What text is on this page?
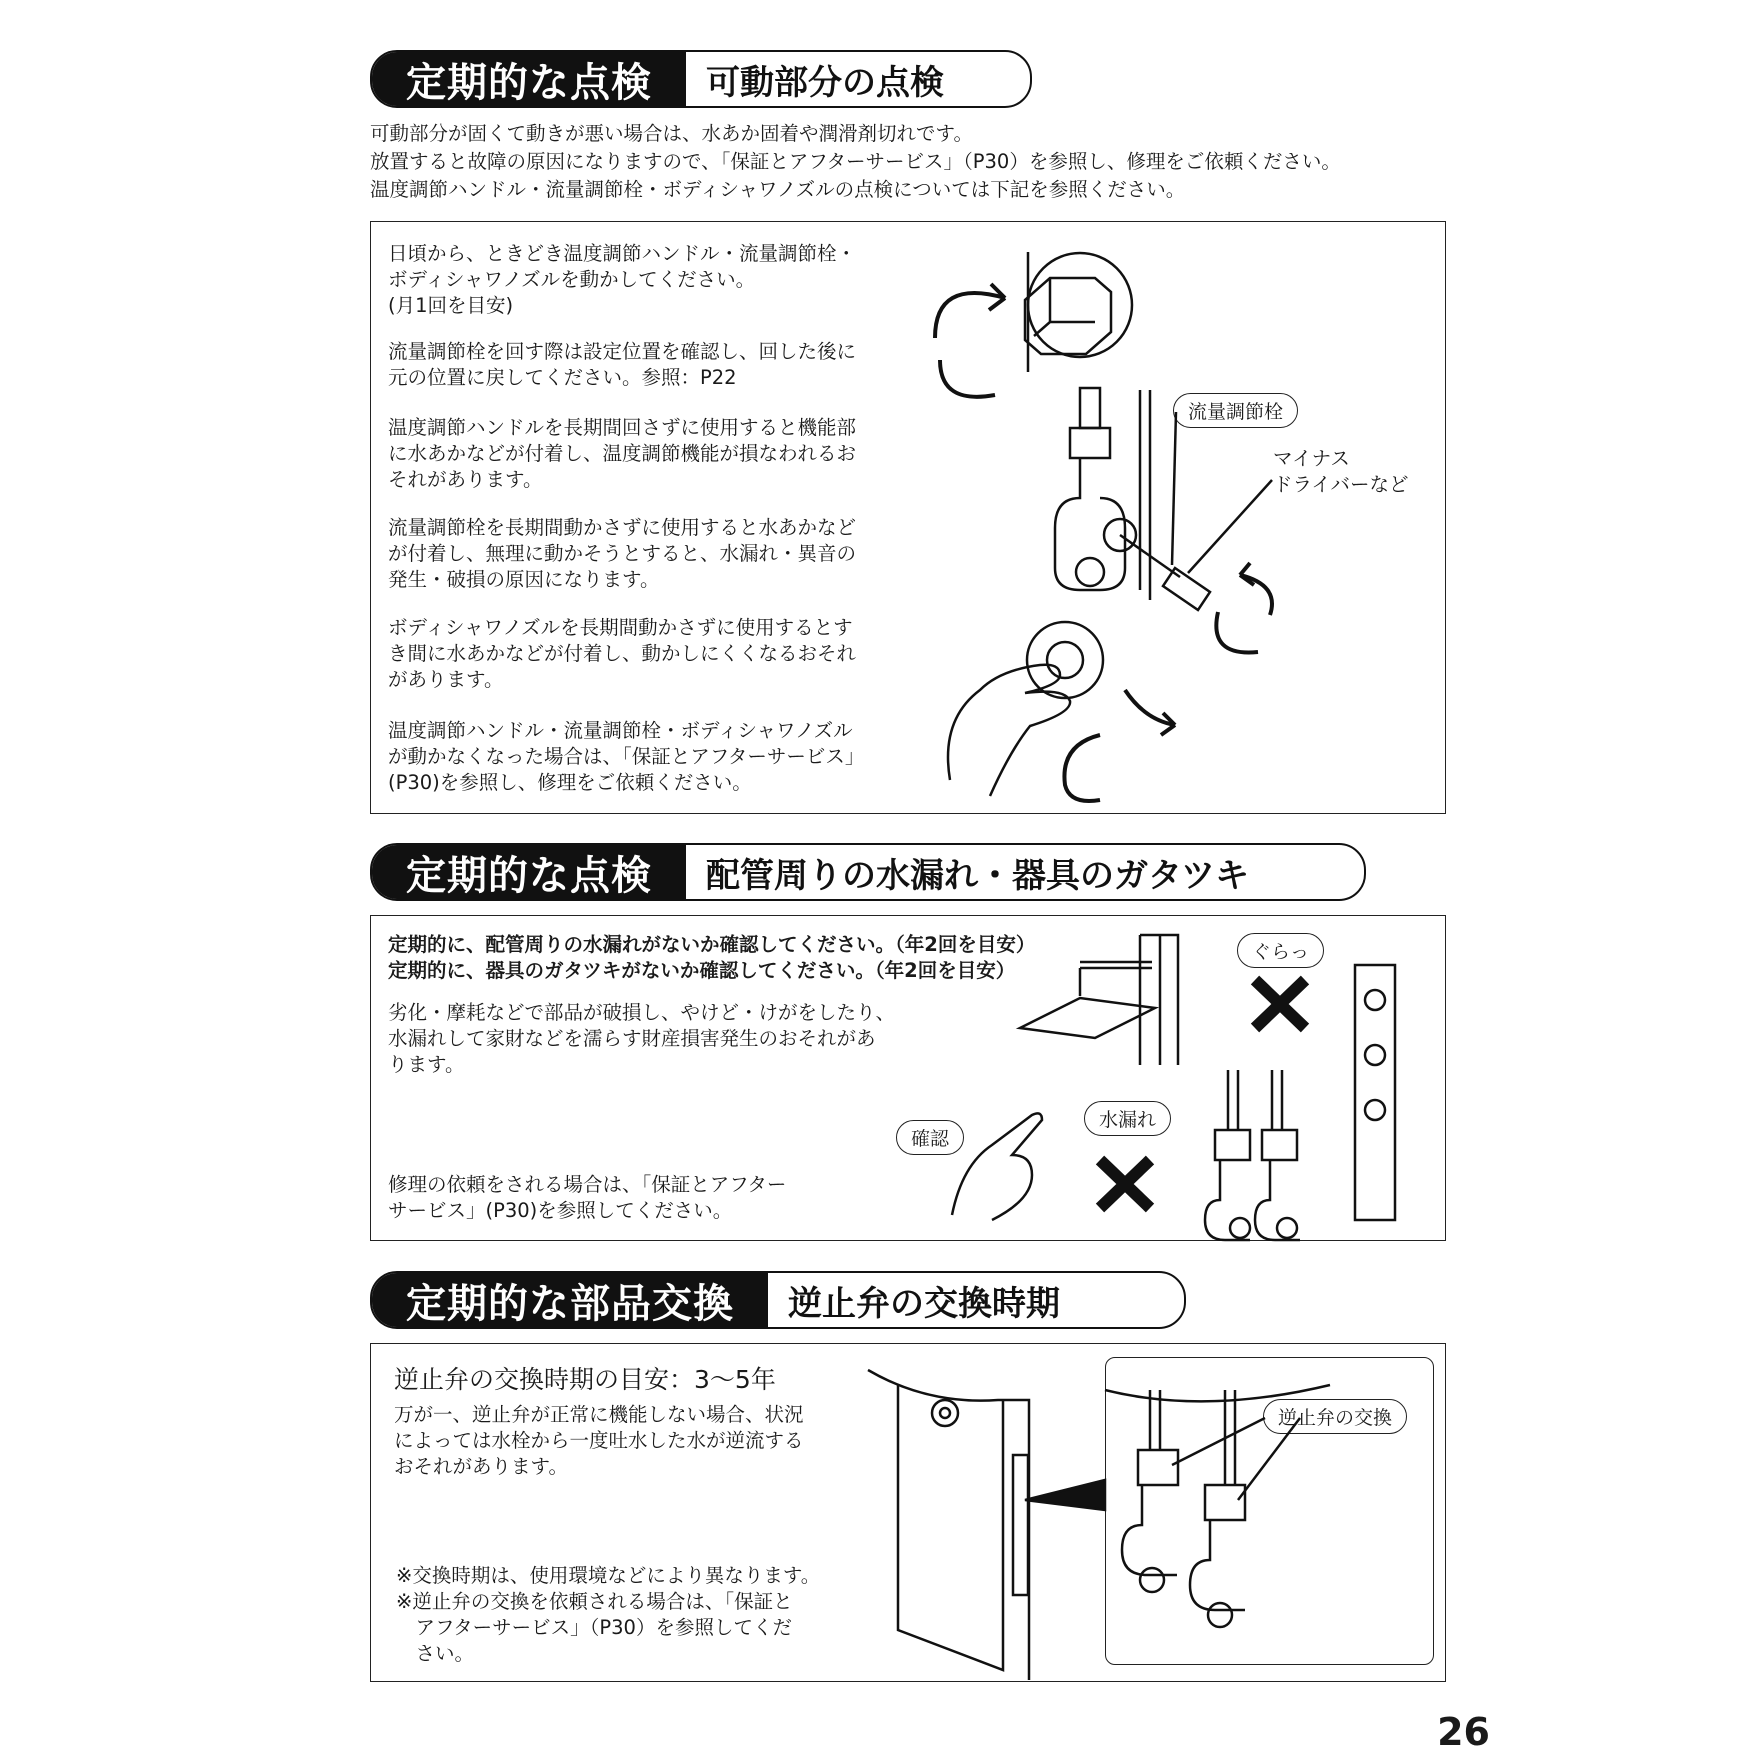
定期的な点検	可動部分の点検

可動部分が固くて動きが悪い場合は、水あか固着や潤滑剤切れです。
放置すると故障の原因になりますので、「保証とアフターサービス」（P30）を参照し、修理をご依頼ください。
温度調節ハンドル・流量調節栓・ボディシャワノズルの点検については下記を参照ください。

日頃から、ときどき温度調節ハンドル・流量調節栓・
ボディシャワノズルを動かしてください。
(月1回を目安)

流量調節栓を回す際は設定位置を確認し、回した後に
元の位置に戻してください。参照：P22

温度調節ハンドルを長期間回さずに使用すると機能部
に水あかなどが付着し、温度調節機能が損なわれるお
それがあります。

流量調節栓を長期間動かさずに使用すると水あかなど
が付着し、無理に動かそうとすると、水漏れ・異音の
発生・破損の原因になります。

ボディシャワノズルを長期間動かさずに使用するとす
き間に水あかなどが付着し、動かしにくくなるおそれ
があります。

温度調節ハンドル・流量調節栓・ボディシャワノズル
が動かなくなった場合は、「保証とアフターサービス」
(P30)を参照し、修理をご依頼ください。

流量調節栓
マイナス
ドライバーなど
定期的な点検	配管周りの水漏れ・器具のガタツキ

定期的に、配管周りの水漏れがないか確認してください。（年2回を目安）

定期的に、器具のガタツキがないか確認してください。（年2回を目安）

劣化・摩耗などで部品が破損し、やけど・けがをしたり、
水漏れして家財などを濡らす財産損害発生のおそれがあ
ります。

修理の依頼をされる場合は、「保証とアフター
サービス」(P30)を参照してください。

確認
水漏れ
ぐらっ
定期的な部品交換	逆止弁の交換時期

逆止弁の交換時期の目安：3〜5年

万が一、逆止弁が正常に機能しない場合、状況
によっては水栓から一度吐水した水が逆流する
おそれがあります。

※交換時期は、使用環境などにより異なります。

※逆止弁の交換を依頼される場合は、「保証と
　アフターサービス」（P30）を参照してくだ
　さい。

逆止弁の交換
26
